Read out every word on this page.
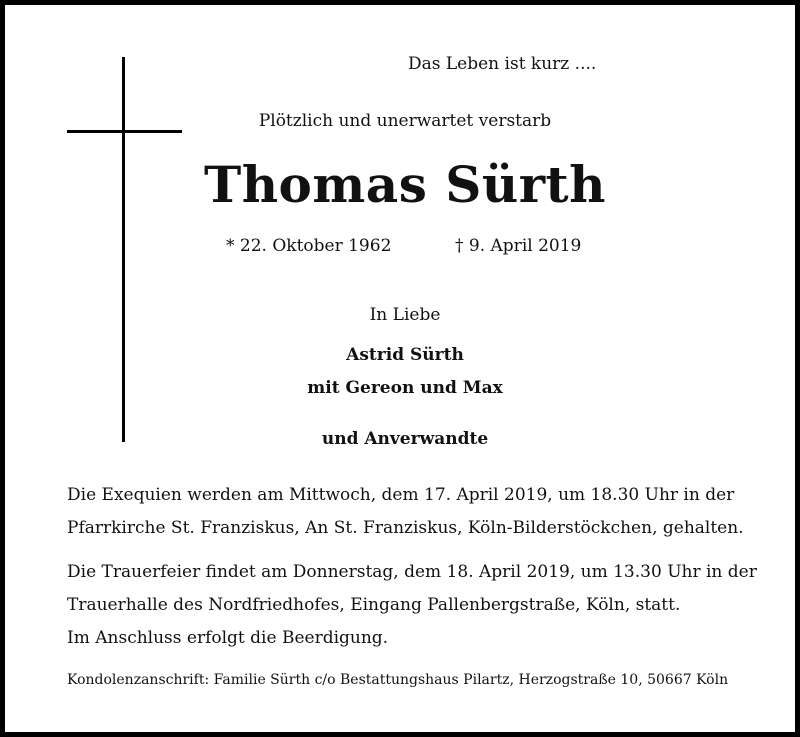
Das Leben ist kurz ....
Plötzlich und unerwartet verstarb
Thomas Sürth
* 22. Oktober 1962	† 9. April 2019
In Liebe
Astrid Sürth
mit Gereon und Max
und Anverwandte
Die Exequien werden am Mittwoch, dem 17. April 2019, um 18.30 Uhr in der
Pfarrkirche St. Franziskus, An St. Franziskus, Köln-Bilderstöckchen, gehalten.
Die Trauerfeier findet am Donnerstag, dem 18. April 2019, um 13.30 Uhr in der
Trauerhalle des Nordfriedhofes, Eingang Pallenbergstraße, Köln, statt.
Im Anschluss erfolgt die Beerdigung.
Kondolenzanschrift: Familie Sürth c/o Bestattungshaus Pilartz, Herzogstraße 10, 50667 Köln
